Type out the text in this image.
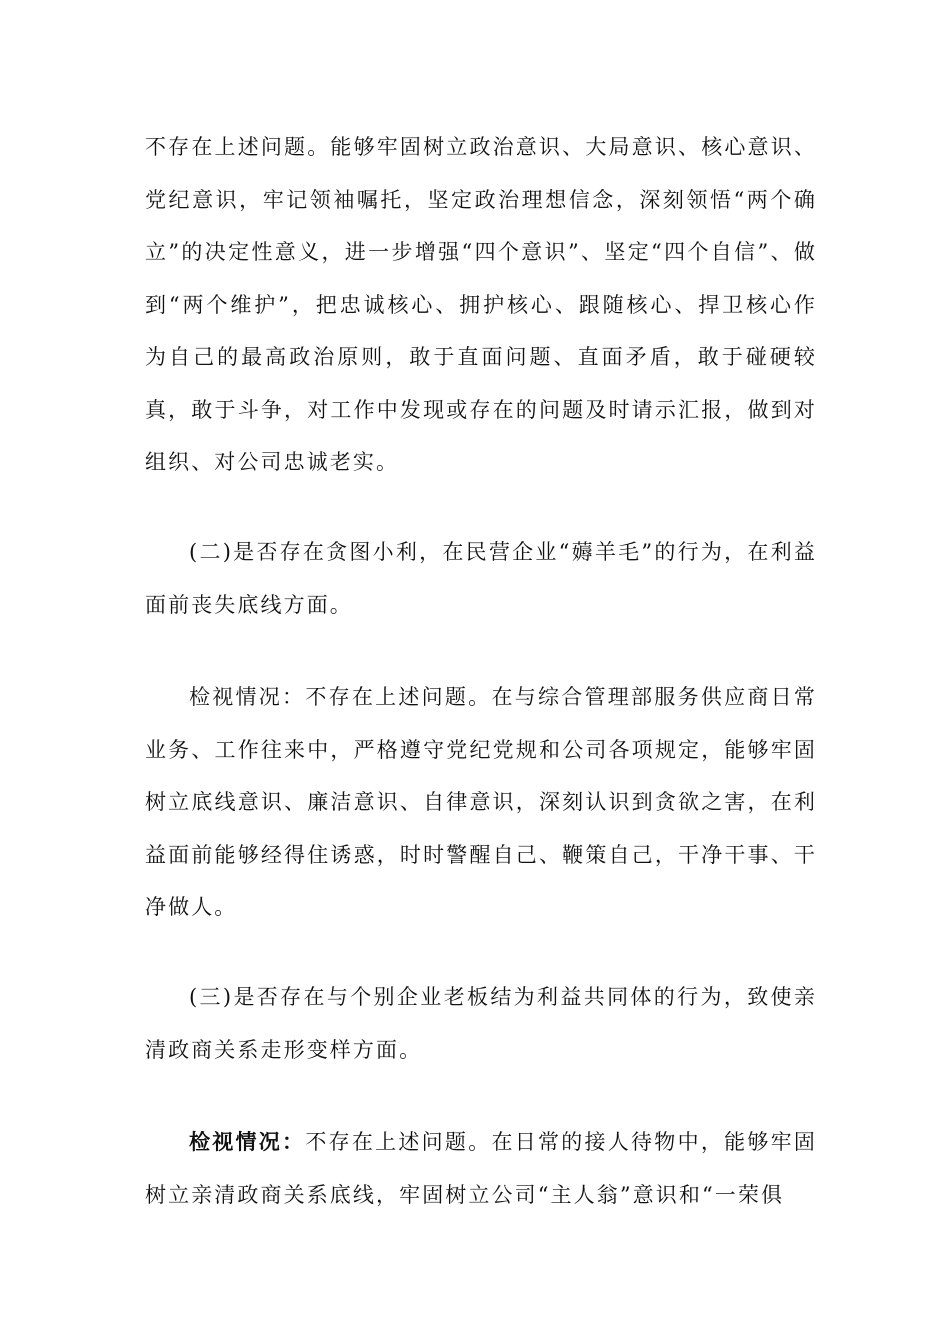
不存在上述问题。能够牢固树立政治意识、大局意识、核心意识、党纪意识，牢记领袖嘱托，坚定政治理想信念，深刻领悟“两个确立”的决定性意义，进一步增强“四个意识”、坚定“四个自信”、做到“两个维护”，把忠诚核心、拥护核心、跟随核心、捍卫核心作为自己的最高政治原则，敢于直面问题、直面矛盾，敢于碰硬较真，敢于斗争，对工作中发现或存在的问题及时请示汇报，做到对组织、对公司忠诚老实。

(二)是否存在贪图小利，在民营企业“薅羊毛”的行为，在利益面前丧失底线方面。

检视情况：不存在上述问题。在与综合管理部服务供应商日常业务、工作往来中，严格遵守党纪党规和公司各项规定，能够牢固树立底线意识、廉洁意识、自律意识，深刻认识到贪欲之害，在利益面前能够经得住诱惑，时时警醒自己、鞭策自己，干净干事、干净做人。

(三)是否存在与个别企业老板结为利益共同体的行为，致使亲清政商关系走形变样方面。

检视情况：不存在上述问题。在日常的接人待物中，能够牢固树立亲清政商关系底线，牢固树立公司“主人翁”意识和“一荣俱
